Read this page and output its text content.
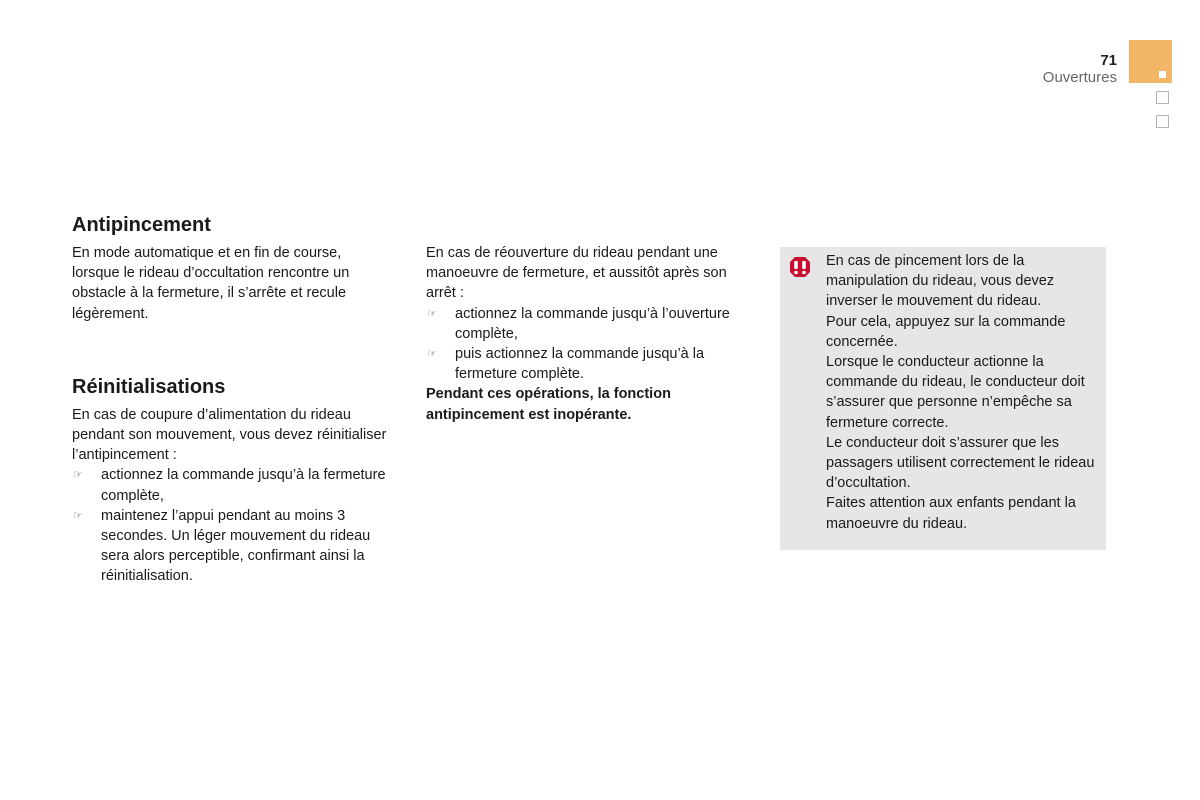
71
Ouvertures
Antipincement

En mode automatique et en fin de course, lorsque le rideau d’occultation rencontre un obstacle à la fermeture, il s’arrête et recule légèrement.

Réinitialisations

En cas de coupure d’alimentation du rideau pendant son mouvement, vous devez réinitialiser l’antipincement :

☞ actionnez la commande jusqu’à la fermeture complète,
☞ maintenez l’appui pendant au moins 3 secondes. Un léger mouvement du rideau sera alors perceptible, confirmant ainsi la réinitialisation.

En cas de réouverture du rideau pendant une manoeuvre de fermeture, et aussitôt après son arrêt :

☞ actionnez la commande jusqu’à l’ouverture complète,
☞ puis actionnez la commande jusqu’à la fermeture complète.

Pendant ces opérations, la fonction antipincement est inopérante.

En cas de pincement lors de la manipulation du rideau, vous devez inverser le mouvement du rideau.

Pour cela, appuyez sur la commande concernée.

Lorsque le conducteur actionne la commande du rideau, le conducteur doit s’assurer que personne n’empêche sa fermeture correcte.

Le conducteur doit s’assurer que les passagers utilisent correctement le rideau d’occultation.

Faites attention aux enfants pendant la manoeuvre du rideau.
